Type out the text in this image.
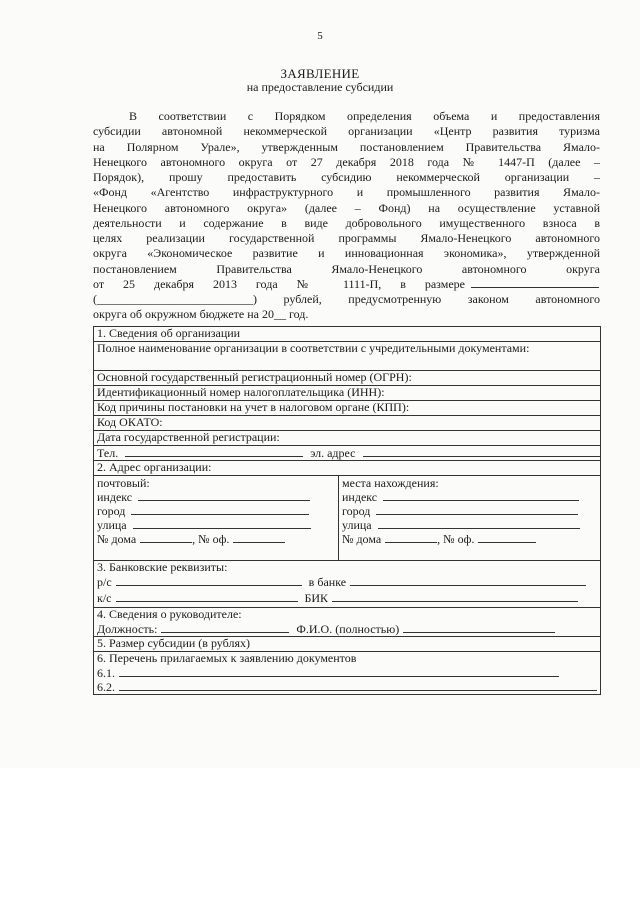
5
ЗАЯВЛЕНИЕ
на предоставление субсидии
В соответствии с Порядком определения объема и предоставления
субсидии автономной некоммерческой организации «Центр развития туризма
на Полярном Урале», утвержденным постановлением Правительства Ямало-
Ненецкого автономного округа от 27 декабря 2018 года № 1447-П (далее –
Порядок), прошу предоставить субсидию некоммерческой организации –
«Фонд «Агентство инфраструктурного и промышленного развития Ямало-
Ненецкого автономного округа» (далее – Фонд) на осуществление уставной
деятельности и содержание в виде добровольного имущественного взноса в
целях реализации государственной программы Ямало-Ненецкого автономного
округа «Экономическое развитие и инновационная экономика», утвержденной
постановлением Правительства Ямало-Ненецкого автономного округа
от 25 декабря 2013 года № 1111-П, в размере
(__________________________) рублей, предусмотренную законом автономного
округа об окружном бюджете на 20__ год.
1. Сведения об организации
Полное наименование организации в соответствии с учредительными документами:
Основной государственный регистрационный номер (ОГРН):
Идентификационный номер налогоплательщика (ИНН):
Код причины постановки на учет в налоговом органе (КПП):
Код ОКАТО:
Дата государственной регистрации:
Тел.	эл. адрес
2. Адрес организации:
почтовый:
индекс
город
улица
№ дома	, № оф.
места нахождения:
индекс
город
улица
№ дома	, № оф.
3. Банковские реквизиты:
р/с	в банке
к/с	БИК
4. Сведения о руководителе:
Должность:	Ф.И.О. (полностью)
5. Размер субсидии (в рублях)
6. Перечень прилагаемых к заявлению документов
6.1.
6.2.
